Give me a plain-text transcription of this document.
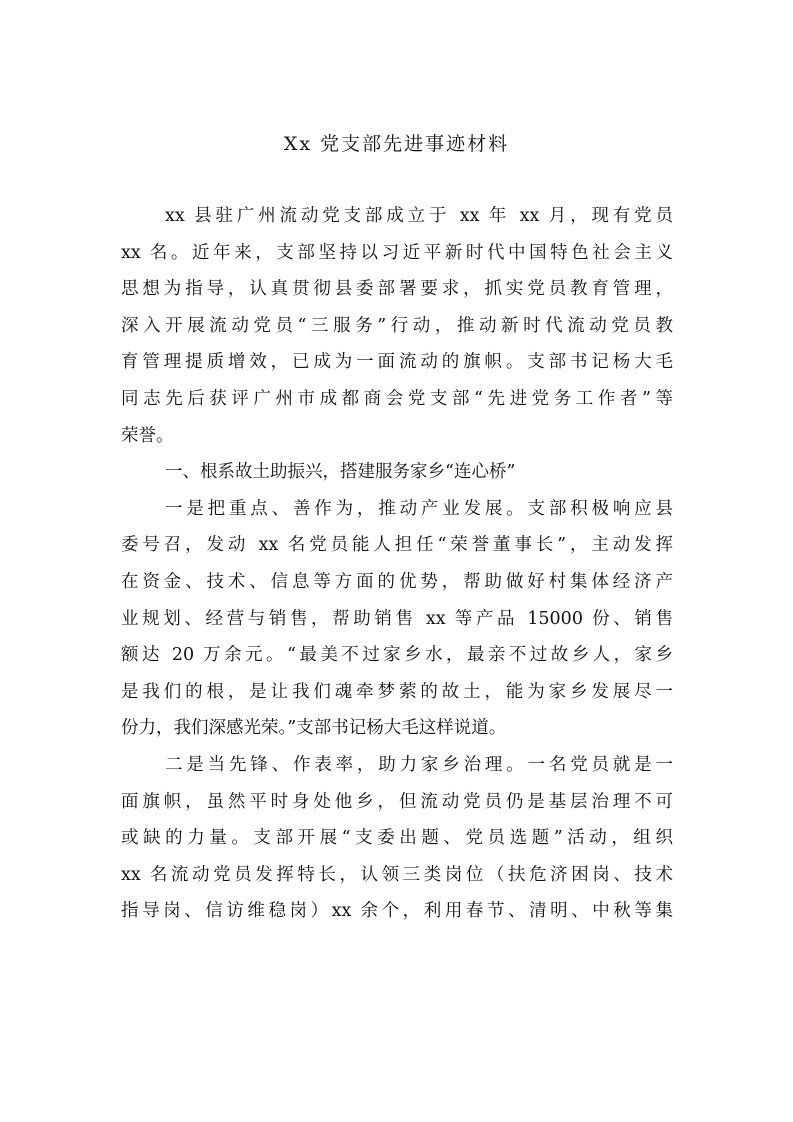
Xx 党支部先进事迹材料
xx 县驻广州流动党支部成立于 xx 年 xx 月，现有党员
xx 名。近年来，支部坚持以习近平新时代中国特色社会主义
思想为指导，认真贯彻县委部署要求，抓实党员教育管理，
深入开展流动党员“三服务”行动，推动新时代流动党员教
育管理提质增效，已成为一面流动的旗帜。支部书记杨大毛
同志先后获评广州市成都商会党支部“先进党务工作者”等
荣誉。
一、根系故土助振兴，搭建服务家乡“连心桥”
一是把重点、善作为，推动产业发展。支部积极响应县
委号召，发动 xx 名党员能人担任“荣誉董事长”，主动发挥
在资金、技术、信息等方面的优势，帮助做好村集体经济产
业规划、经营与销售，帮助销售 xx 等产品 15000 份、销售
额达 20 万余元。“最美不过家乡水，最亲不过故乡人，家乡
是我们的根，是让我们魂牵梦萦的故土，能为家乡发展尽一
份力，我们深感光荣。”支部书记杨大毛这样说道。
二是当先锋、作表率，助力家乡治理。一名党员就是一
面旗帜，虽然平时身处他乡，但流动党员仍是基层治理不可
或缺的力量。支部开展“支委出题、党员选题”活动，组织
xx 名流动党员发挥特长，认领三类岗位（扶危济困岗、技术
指导岗、信访维稳岗）xx 余个，利用春节、清明、中秋等集
